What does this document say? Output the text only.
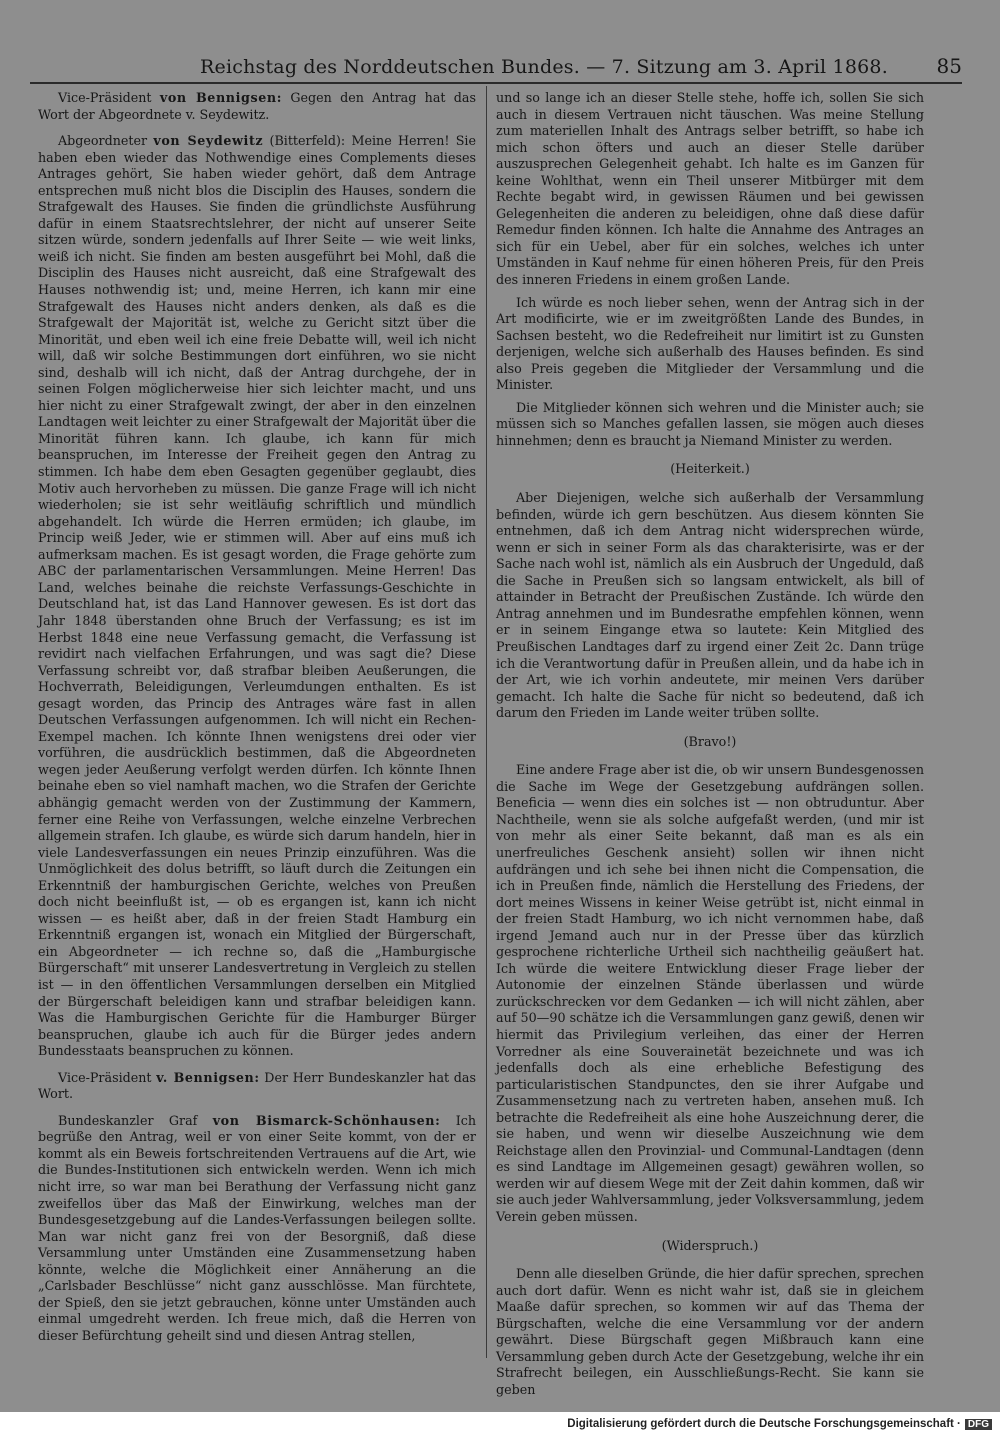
Reichstag des Norddeutschen Bundes. — 7. Sitzung am 3. April 1868. 85

Vice-Präsident von Bennigsen: Gegen den Antrag hat das Wort der Abgeordnete v. Seydewitz.

Abgeordneter von Seydewitz (Bitterfeld): Meine Herren! Sie haben eben wieder das Nothwendige eines Complements dieses Antrages gehört, Sie haben wieder gehört, daß dem Antrage entsprechen muß nicht blos die Disciplin des Hauses, sondern die Strafgewalt des Hauses. Sie finden die gründlichste Ausführung dafür in einem Staatsrechtslehrer, der nicht auf unserer Seite sitzen würde, sondern jedenfalls auf Ihrer Seite — wie weit links, weiß ich nicht. Sie finden am besten ausgeführt bei Mohl, daß die Disciplin des Hauses nicht ausreicht, daß eine Strafgewalt des Hauses nothwendig ist; und, meine Herren, ich kann mir eine Strafgewalt des Hauses nicht anders denken, als daß es die Strafgewalt der Majorität ist, welche zu Gericht sitzt über die Minorität, und eben weil ich eine freie Debatte will, weil ich nicht will, daß wir solche Bestimmungen dort einführen, wo sie nicht sind, deshalb will ich nicht, daß der Antrag durchgehe, der in seinen Folgen möglicherweise hier sich leichter macht, und uns hier nicht zu einer Strafgewalt zwingt, der aber in den einzelnen Landtagen weit leichter zu einer Strafgewalt der Majorität über die Minorität führen kann. Ich glaube, ich kann für mich beanspruchen, im Interesse der Freiheit gegen den Antrag zu stimmen. Ich habe dem eben Gesagten gegenüber geglaubt, dies Motiv auch hervorheben zu müssen. Die ganze Frage will ich nicht wiederholen; sie ist sehr weitläufig schriftlich und mündlich abgehandelt. Ich würde die Herren ermüden; ich glaube, im Princip weiß Jeder, wie er stimmen will. Aber auf eins muß ich aufmerksam machen. Es ist gesagt worden, die Frage gehörte zum ABC der parlamentarischen Versammlungen. Meine Herren! Das Land, welches beinahe die reichste Verfassungs-Geschichte in Deutschland hat, ist das Land Hannover gewesen. Es ist dort das Jahr 1848 überstanden ohne Bruch der Verfassung; es ist im Herbst 1848 eine neue Verfassung gemacht, die Verfassung ist revidirt nach vielfachen Erfahrungen, und was sagt die? Diese Verfassung schreibt vor, daß strafbar bleiben Aeußerungen, die Hochverrath, Beleidigungen, Verleumdungen enthalten. Es ist gesagt worden, das Princip des Antrages wäre fast in allen Deutschen Verfassungen aufgenommen. Ich will nicht ein Rechen-Exempel machen. Ich könnte Ihnen wenigstens drei oder vier vorführen, die ausdrücklich bestimmen, daß die Abgeordneten wegen jeder Aeußerung verfolgt werden dürfen. Ich könnte Ihnen beinahe eben so viel namhaft machen, wo die Strafen der Gerichte abhängig gemacht werden von der Zustimmung der Kammern, ferner eine Reihe von Verfassungen, welche einzelne Verbrechen allgemein strafen. Ich glaube, es würde sich darum handeln, hier in viele Landesverfassungen ein neues Prinzip einzuführen. Was die Unmöglichkeit des dolus betrifft, so läuft durch die Zeitungen ein Erkenntniß der hamburgischen Gerichte, welches von Preußen doch nicht beeinflußt ist, — ob es ergangen ist, kann ich nicht wissen — es heißt aber, daß in der freien Stadt Hamburg ein Erkenntniß ergangen ist, wonach ein Mitglied der Bürgerschaft, ein Abgeordneter — ich rechne so, daß die „Hamburgische Bürgerschaft“ mit unserer Landesvertretung in Vergleich zu stellen ist — in den öffentlichen Versammlungen derselben ein Mitglied der Bürgerschaft beleidigen kann und strafbar beleidigen kann. Was die Hamburgischen Gerichte für die Hamburger Bürger beanspruchen, glaube ich auch für die Bürger jedes andern Bundesstaats beanspruchen zu können.

Vice-Präsident v. Bennigsen: Der Herr Bundeskanzler hat das Wort.

Bundeskanzler Graf von Bismarck-Schönhausen: Ich begrüße den Antrag, weil er von einer Seite kommt, von der er kommt als ein Beweis fortschreitenden Vertrauens auf die Art, wie die Bundes-Institutionen sich entwickeln werden. Wenn ich mich nicht irre, so war man bei Berathung der Verfassung nicht ganz zweifellos über das Maß der Einwirkung, welches man der Bundesgesetzgebung auf die Landes-Verfassungen beilegen sollte. Man war nicht ganz frei von der Besorgniß, daß diese Versammlung unter Umständen eine Zusammensetzung haben könnte, welche die Möglichkeit einer Annäherung an die „Carlsbader Beschlüsse“ nicht ganz ausschlösse. Man fürchtete, der Spieß, den sie jetzt gebrauchen, könne unter Umständen auch einmal umgedreht werden. Ich freue mich, daß die Herren von dieser Befürchtung geheilt sind und diesen Antrag stellen,

und so lange ich an dieser Stelle stehe, hoffe ich, sollen Sie sich auch in diesem Vertrauen nicht täuschen. Was meine Stellung zum materiellen Inhalt des Antrags selber betrifft, so habe ich mich schon öfters und auch an dieser Stelle darüber auszusprechen Gelegenheit gehabt. Ich halte es im Ganzen für keine Wohlthat, wenn ein Theil unserer Mitbürger mit dem Rechte begabt wird, in gewissen Räumen und bei gewissen Gelegenheiten die anderen zu beleidigen, ohne daß diese dafür Remedur finden können. Ich halte die Annahme des Antrages an sich für ein Uebel, aber für ein solches, welches ich unter Umständen in Kauf nehme für einen höheren Preis, für den Preis des inneren Friedens in einem großen Lande.

Ich würde es noch lieber sehen, wenn der Antrag sich in der Art modificirte, wie er im zweitgrößten Lande des Bundes, in Sachsen besteht, wo die Redefreiheit nur limitirt ist zu Gunsten derjenigen, welche sich außerhalb des Hauses befinden. Es sind also Preis gegeben die Mitglieder der Versammlung und die Minister.

Die Mitglieder können sich wehren und die Minister auch; sie müssen sich so Manches gefallen lassen, sie mögen auch dieses hinnehmen; denn es braucht ja Niemand Minister zu werden.

(Heiterkeit.)

Aber Diejenigen, welche sich außerhalb der Versammlung befinden, würde ich gern beschützen. Aus diesem könnten Sie entnehmen, daß ich dem Antrag nicht widersprechen würde, wenn er sich in seiner Form als das charakterisirte, was er der Sache nach wohl ist, nämlich als ein Ausbruch der Ungeduld, daß die Sache in Preußen sich so langsam entwickelt, als bill of attainder in Betracht der Preußischen Zustände. Ich würde den Antrag annehmen und im Bundesrathe empfehlen können, wenn er in seinem Eingange etwa so lautete: Kein Mitglied des Preußischen Landtages darf zu irgend einer Zeit 2c. Dann trüge ich die Verantwortung dafür in Preußen allein, und da habe ich in der Art, wie ich vorhin andeutete, mir meinen Vers darüber gemacht. Ich halte die Sache für nicht so bedeutend, daß ich darum den Frieden im Lande weiter trüben sollte.

(Bravo!)

Eine andere Frage aber ist die, ob wir unsern Bundesgenossen die Sache im Wege der Gesetzgebung aufdrängen sollen. Beneficia — wenn dies ein solches ist — non obtruduntur. Aber Nachtheile, wenn sie als solche aufgefaßt werden, (und mir ist von mehr als einer Seite bekannt, daß man es als ein unerfreuliches Geschenk ansieht) sollen wir ihnen nicht aufdrängen und ich sehe bei ihnen nicht die Compensation, die ich in Preußen finde, nämlich die Herstellung des Friedens, der dort meines Wissens in keiner Weise getrübt ist, nicht einmal in der freien Stadt Hamburg, wo ich nicht vernommen habe, daß irgend Jemand auch nur in der Presse über das kürzlich gesprochene richterliche Urtheil sich nachtheilig geäußert hat. Ich würde die weitere Entwicklung dieser Frage lieber der Autonomie der einzelnen Stände überlassen und würde zurückschrecken vor dem Gedanken — ich will nicht zählen, aber auf 50—90 schätze ich die Versammlungen ganz gewiß, denen wir hiermit das Privilegium verleihen, das einer der Herren Vorredner als eine Souverainetät bezeichnete und was ich jedenfalls doch als eine erhebliche Befestigung des particularistischen Standpunctes, den sie ihrer Aufgabe und Zusammensetzung nach zu vertreten haben, ansehen muß. Ich betrachte die Redefreiheit als eine hohe Auszeichnung derer, die sie haben, und wenn wir dieselbe Auszeichnung wie dem Reichstage allen den Provinzial- und Communal-Landtagen (denn es sind Landtage im Allgemeinen gesagt) gewähren wollen, so werden wir auf diesem Wege mit der Zeit dahin kommen, daß wir sie auch jeder Wahlversammlung, jeder Volksversammlung, jedem Verein geben müssen.

(Widerspruch.)

Denn alle dieselben Gründe, die hier dafür sprechen, sprechen auch dort dafür. Wenn es nicht wahr ist, daß sie in gleichem Maaße dafür sprechen, so kommen wir auf das Thema der Bürgschaften, welche die eine Versammlung vor der andern gewährt. Diese Bürgschaft gegen Mißbrauch kann eine Versammlung geben durch Acte der Gesetzgebung, welche ihr ein Strafrecht beilegen, ein Ausschließungs-Recht. Sie kann sie geben

Digitalisierung gefördert durch die Deutsche Forschungsgemeinschaft · DFG
